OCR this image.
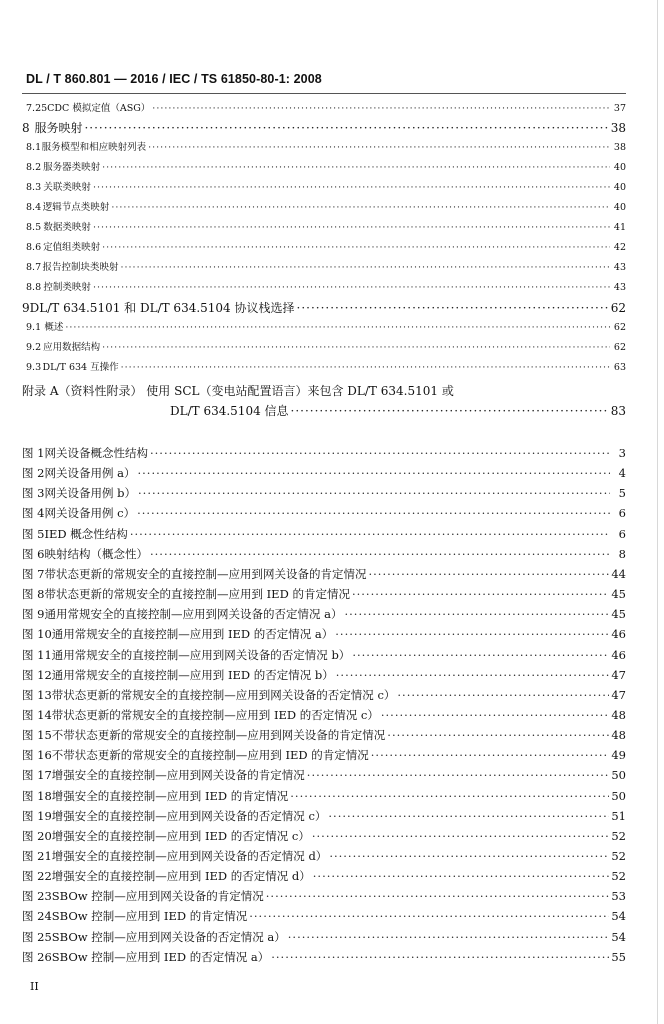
DL / T 860.801 — 2016 / IEC / TS 61850-80-1: 2008
7.25 CDC 模拟定值（ASG） ·····	37
8 服务映射 ·····	38
8.1 服务模型和相应映射列表 ·····	38
8.2 服务器类映射 ·····	40
8.3 关联类映射 ·····	40
8.4 逻辑节点类映射 ·····	40
8.5 数据类映射 ·····	41
8.6 定值组类映射 ·····	42
8.7 报告控制块类映射 ·····	43
8.8 控制类映射 ·····	43
9 DL/T 634.5101 和 DL/T 634.5104 协议栈选择 ·····	62
9.1 概述 ·····	62
9.2 应用数据结构 ·····	62
9.3 DL/T 634 互操作 ·····	63
附录 A（资料性附录） 使用 SCL（变电站配置语言）来包含 DL/T 634.5101 或
DL/T 634.5104 信息 ·····	83
图 1 网关设备概念性结构 ·····	3
图 2 网关设备用例 a） ·····	4
图 3 网关设备用例 b） ·····	5
图 4 网关设备用例 c） ·····	6
图 5 IED 概念性结构 ·····	6
图 6 映射结构（概念性） ·····	8
图 7 带状态更新的常规安全的直接控制—应用到网关设备的肯定情况 ·····	44
图 8 带状态更新的常规安全的直接控制—应用到 IED 的肯定情况 ·····	45
图 9 通用常规安全的直接控制—应用到网关设备的否定情况 a） ·····	45
图 10 通用常规安全的直接控制—应用到 IED 的否定情况 a） ·····	46
图 11 通用常规安全的直接控制—应用到网关设备的否定情况 b） ·····	46
图 12 通用常规安全的直接控制—应用到 IED 的否定情况 b） ·····	47
图 13 带状态更新的常规安全的直接控制—应用到网关设备的否定情况 c） ·····	47
图 14 带状态更新的常规安全的直接控制—应用到 IED 的否定情况 c） ·····	48
图 15 不带状态更新的常规安全的直接控制—应用到网关设备的肯定情况 ·····	48
图 16 不带状态更新的常规安全的直接控制—应用到 IED 的肯定情况 ·····	49
图 17 增强安全的直接控制—应用到网关设备的肯定情况 ·····	50
图 18 增强安全的直接控制—应用到 IED 的肯定情况 ·····	50
图 19 增强安全的直接控制—应用到网关设备的否定情况 c） ·····	51
图 20 增强安全的直接控制—应用到 IED 的否定情况 c） ·····	52
图 21 增强安全的直接控制—应用到网关设备的否定情况 d） ·····	52
图 22 增强安全的直接控制—应用到 IED 的否定情况 d） ·····	52
图 23 SBOw 控制—应用到网关设备的肯定情况 ·····	53
图 24 SBOw 控制—应用到 IED 的肯定情况 ·····	54
图 25 SBOw 控制—应用到网关设备的否定情况 a） ·····	54
图 26 SBOw 控制—应用到 IED 的否定情况 a） ·····	55
II
